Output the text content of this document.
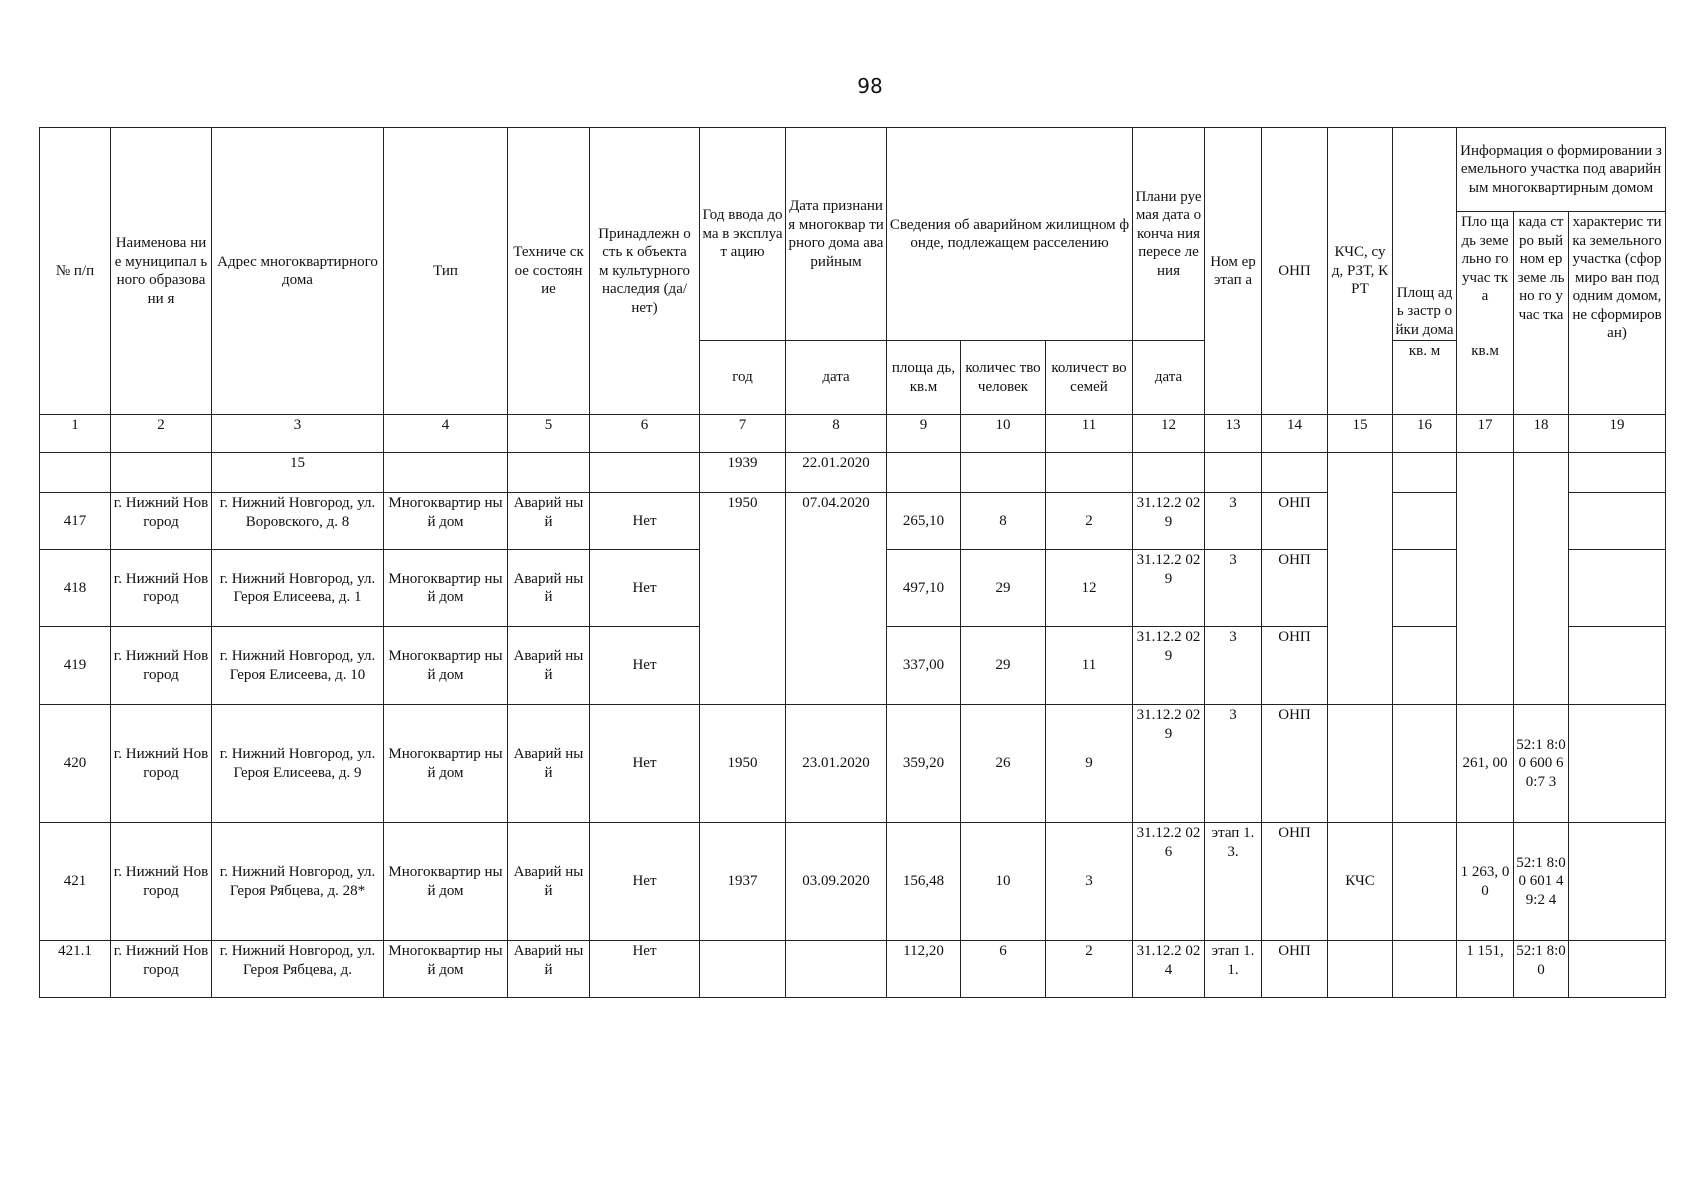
98
№ п/п	Наименова ние муниципал ьного образовани я	Адрес многоквартирного дома	Тип	Техниче ское состоян ие	Принадлежн ость к объектам культурного наследия (да/нет)	Год ввода дома в эксплуат ацию	Дата признания многоквар тирного дома аварийным	Сведения об аварийном жилищном фонде, подлежащем расселению			Плани руемая дата оконча ния пересе ления	Ном ер этап а	ОНП	КЧС, суд, РЗТ, КРТ	Площ адь застр ойки дома	Информация о формировании земельного участка под аварийным многоквартирным домом		
																Пло щадь земе льно го учас тка	када стро вый ном ер земе льно го учас тка	характерис тика земельного участка (сформиро ван под одним домом, не сформиров ан)
						год	дата	площа дь, кв.м	количес тво человек	количест во семей	дата				кв. м	кв.м		
1	2	3	4	5	6	7	8	9	10	11	12	13	14	15	16	17	18	19
		15				1939	22.01.2020											
417	г. Нижний Новгород	г. Нижний Новгород, ул. Воровского, д. 8	Многоквартир ный дом	Аварий ный	Нет	1950	07.04.2020	265,10	8	2	31.12.2 029	3	ОНП					
418	г. Нижний Новгород	г. Нижний Новгород, ул. Героя Елисеева, д. 1	Многоквартир ный дом	Аварий ный	Нет			497,10	29	12	31.12.2 029	3	ОНП					
419	г. Нижний Новгород	г. Нижний Новгород, ул. Героя Елисеева, д. 10	Многоквартир ный дом	Аварий ный	Нет			337,00	29	11	31.12.2 029	3	ОНП					
420	г. Нижний Новгород	г. Нижний Новгород, ул. Героя Елисеева, д. 9	Многоквартир ный дом	Аварий ный	Нет	1950	23.01.2020	359,20	26	9	31.12.2 029	3	ОНП			261, 00	52:1 8:00 600 60:7 3	
421	г. Нижний Новгород	г. Нижний Новгород, ул. Героя Рябцева, д. 28*	Многоквартир ный дом	Аварий ный	Нет	1937	03.09.2020	156,48	10	3	31.12.2 026	этап 1.3.	ОНП	КЧС		1 263, 00	52:1 8:00 601 49:2 4	
421.1	г. Нижний Новгород	г. Нижний Новгород, ул. Героя Рябцева, д.	Многоквартир ный дом	Аварий ный	Нет			112,20	6	2	31.12.2 024	этап 1.1.	ОНП			1 151,	52:1 8:00	
